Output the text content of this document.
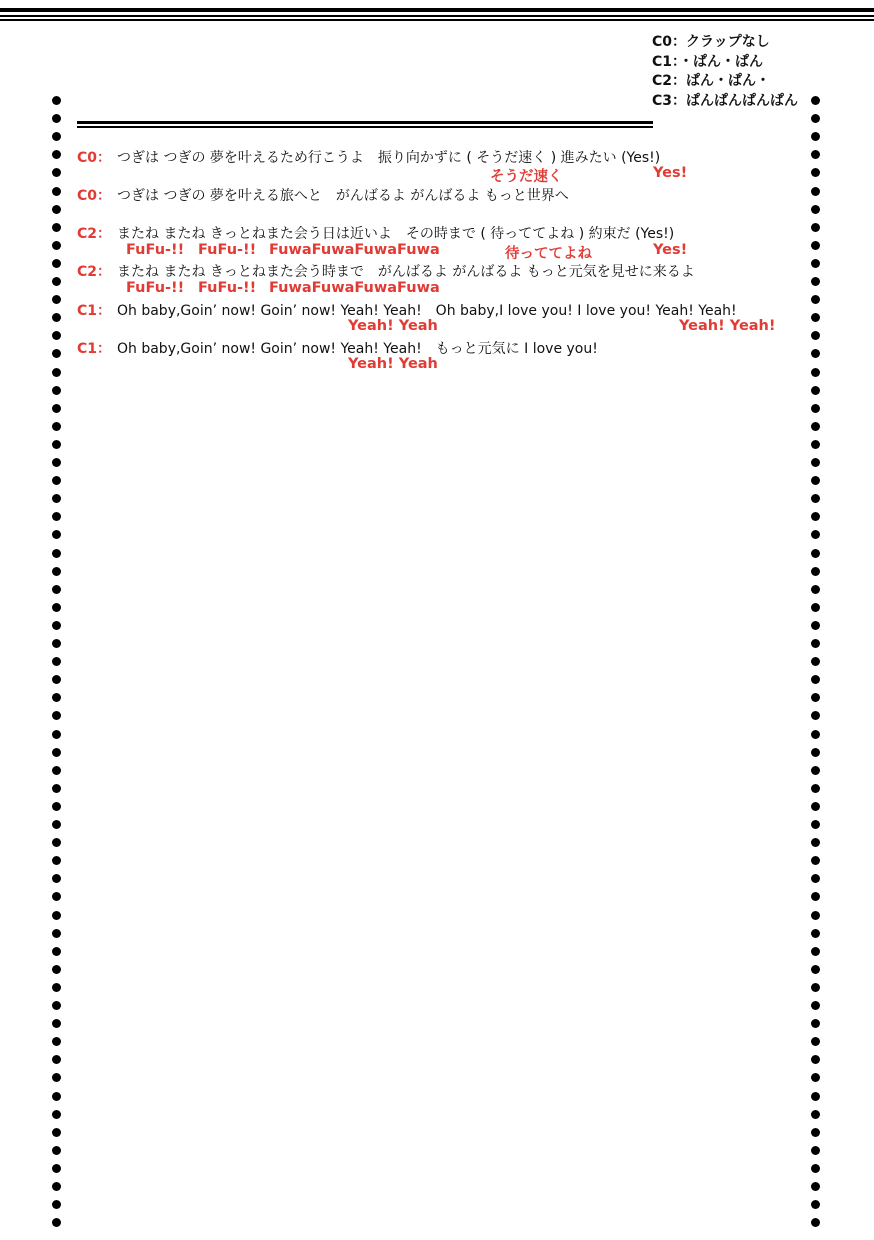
C0：クラップなし
C1：・ぱん・ぱん
C2：ぱん・ぱん・
C3：ぱんぱんぱんぱん
C0： つぎは つぎの 夢を叶えるため行こうよ　振り向かずに ( そうだ速く ) 進みたい (Yes!)
そうだ速く	Yes!
C0： つぎは つぎの 夢を叶える旅へと　がんばるよ がんばるよ もっと世界へ
C2： またね またね きっとねまた会う日は近いよ　その時まで ( 待っててよね ) 約束だ (Yes!)
FuFu-!! FuFu-!! FuwaFuwaFuwaFuwa	待っててよね	Yes!
C2： またね またね きっとねまた会う時まで　がんばるよ がんばるよ もっと元気を見せに来るよ
FuFu-!! FuFu-!! FuwaFuwaFuwaFuwa
C1： Oh baby,Goin’ now! Goin’ now! Yeah! Yeah!　Oh baby,I love you! I love you! Yeah! Yeah!
Yeah! Yeah	Yeah! Yeah!
C1： Oh baby,Goin’ now! Goin’ now! Yeah! Yeah!　もっと元気に I love you!
Yeah! Yeah
